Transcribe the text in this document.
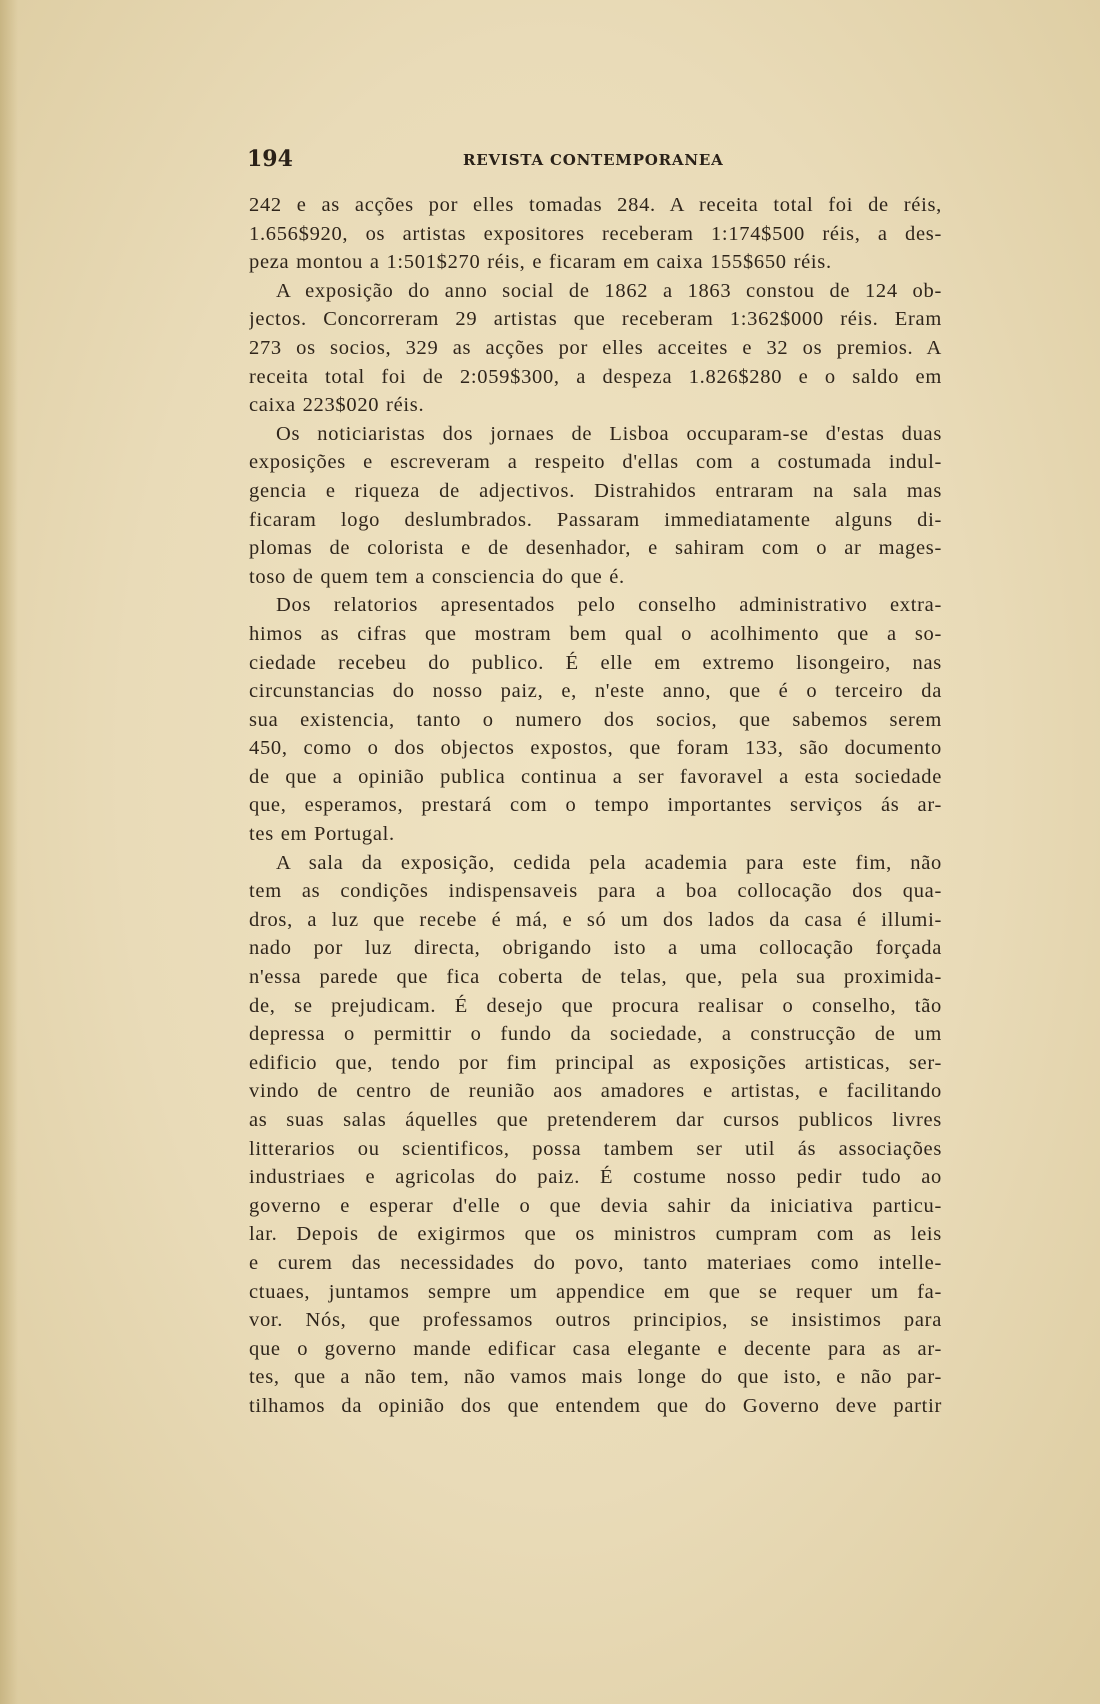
194	REVISTA CONTEMPORANEA
242 e as acções por elles tomadas 284. A receita total foi de réis,
1.656$920, os artistas expositores receberam 1:174$500 réis, a des-
peza montou a 1:501$270 réis, e ficaram em caixa 155$650 réis.
A exposição do anno social de 1862 a 1863 constou de 124 ob-
jectos. Concorreram 29 artistas que receberam 1:362$000 réis. Eram
273 os socios, 329 as acções por elles acceites e 32 os premios. A
receita total foi de 2:059$300, a despeza 1.826$280 e o saldo em
caixa 223$020 réis.
Os noticiaristas dos jornaes de Lisboa occuparam-se d'estas duas
exposições e escreveram a respeito d'ellas com a costumada indul-
gencia e riqueza de adjectivos. Distrahidos entraram na sala mas
ficaram logo deslumbrados. Passaram immediatamente alguns di-
plomas de colorista e de desenhador, e sahiram com o ar mages-
toso de quem tem a consciencia do que é.
Dos relatorios apresentados pelo conselho administrativo extra-
himos as cifras que mostram bem qual o acolhimento que a so-
ciedade recebeu do publico. É elle em extremo lisongeiro, nas
circunstancias do nosso paiz, e, n'este anno, que é o terceiro da
sua existencia, tanto o numero dos socios, que sabemos serem
450, como o dos objectos expostos, que foram 133, são documento
de que a opinião publica continua a ser favoravel a esta sociedade
que, esperamos, prestará com o tempo importantes serviços ás ar-
tes em Portugal.
A sala da exposição, cedida pela academia para este fim, não
tem as condições indispensaveis para a boa collocação dos qua-
dros, a luz que recebe é má, e só um dos lados da casa é illumi-
nado por luz directa, obrigando isto a uma collocação forçada
n'essa parede que fica coberta de telas, que, pela sua proximida-
de, se prejudicam. É desejo que procura realisar o conselho, tão
depressa o permittir o fundo da sociedade, a construcção de um
edificio que, tendo por fim principal as exposições artisticas, ser-
vindo de centro de reunião aos amadores e artistas, e facilitando
as suas salas áquelles que pretenderem dar cursos publicos livres
litterarios ou scientificos, possa tambem ser util ás associações
industriaes e agricolas do paiz. É costume nosso pedir tudo ao
governo e esperar d'elle o que devia sahir da iniciativa particu-
lar. Depois de exigirmos que os ministros cumpram com as leis
e curem das necessidades do povo, tanto materiaes como intelle-
ctuaes, juntamos sempre um appendice em que se requer um fa-
vor. Nós, que professamos outros principios, se insistimos para
que o governo mande edificar casa elegante e decente para as ar-
tes, que a não tem, não vamos mais longe do que isto, e não par-
tilhamos da opinião dos que entendem que do Governo deve partir
